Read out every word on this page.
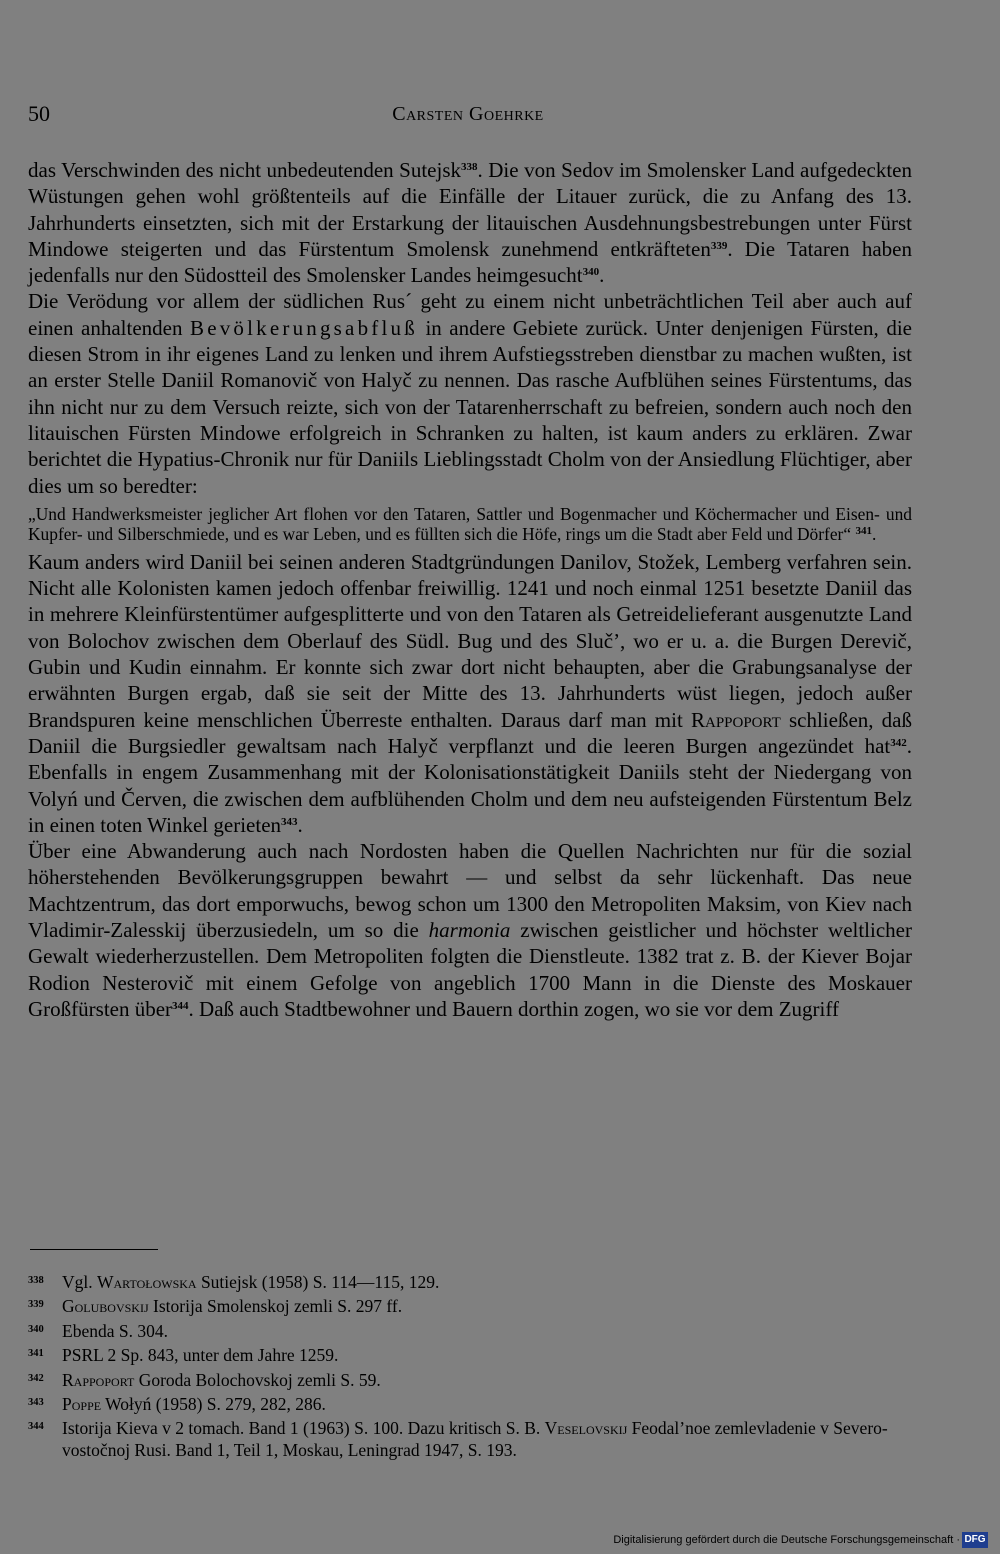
50	Carsten Goehrke

das Verschwinden des nicht unbedeutenden Sutejsk$^{338}$. Die von Sedov im Smolensker Land aufgedeckten Wüstungen gehen wohl größtenteils auf die Einfälle der Litauer zurück, die zu Anfang des 13. Jahrhunderts einsetzten, sich mit der Erstarkung der litauischen Ausdehnungsbestrebungen unter Fürst Mindowe steigerten und das Fürstentum Smolensk zunehmend entkräfteten$^{339}$. Die Tataren haben jedenfalls nur den Südostteil des Smolensker Landes heimgesucht$^{340}$.

Die Verödung vor allem der südlichen Rus´ geht zu einem nicht unbeträchtlichen Teil aber auch auf einen anhaltenden Bevölkerungsabfluß in andere Gebiete zurück. Unter denjenigen Fürsten, die diesen Strom in ihr eigenes Land zu lenken und ihrem Aufstiegsstreben dienstbar zu machen wußten, ist an erster Stelle Daniil Romanovič von Halyč zu nennen. Das rasche Aufblühen seines Fürstentums, das ihn nicht nur zu dem Versuch reizte, sich von der Tatarenherrschaft zu befreien, sondern auch noch den litauischen Fürsten Mindowe erfolgreich in Schranken zu halten, ist kaum anders zu erklären. Zwar berichtet die Hypatius-Chronik nur für Daniils Lieblingsstadt Cholm von der Ansiedlung Flüchtiger, aber dies um so beredter:

„Und Handwerksmeister jeglicher Art flohen vor den Tataren, Sattler und Bogenmacher und Köchermacher und Eisen- und Kupfer- und Silberschmiede, und es war Leben, und es füllten sich die Höfe, rings um die Stadt aber Feld und Dörfer“ $^{341}$.

Kaum anders wird Daniil bei seinen anderen Stadtgründungen Danilov, Stožek, Lemberg verfahren sein. Nicht alle Kolonisten kamen jedoch offenbar freiwillig. 1241 und noch einmal 1251 besetzte Daniil das in mehrere Kleinfürstentümer aufgesplitterte und von den Tataren als Getreidelieferant ausgenutzte Land von Bolochov zwischen dem Oberlauf des Südl. Bug und des Sluč’, wo er u. a. die Burgen Derevič, Gubin und Kudin einnahm. Er konnte sich zwar dort nicht behaupten, aber die Grabungsanalyse der erwähnten Burgen ergab, daß sie seit der Mitte des 13. Jahrhunderts wüst liegen, jedoch außer Brandspuren keine menschlichen Überreste enthalten. Daraus darf man mit Rappoport schließen, daß Daniil die Burgsiedler gewaltsam nach Halyč verpflanzt und die leeren Burgen angezündet hat$^{342}$. Ebenfalls in engem Zusammenhang mit der Kolonisationstätigkeit Daniils steht der Niedergang von Volyń und Červen, die zwischen dem aufblühenden Cholm und dem neu aufsteigenden Fürstentum Belz in einen toten Winkel gerieten$^{343}$.

Über eine Abwanderung auch nach Nordosten haben die Quellen Nachrichten nur für die sozial höherstehenden Bevölkerungsgruppen bewahrt — und selbst da sehr lückenhaft. Das neue Machtzentrum, das dort emporwuchs, bewog schon um 1300 den Metropoliten Maksim, von Kiev nach Vladimir-Zalesskij überzusiedeln, um so die harmonia zwischen geistlicher und höchster weltlicher Gewalt wiederherzustellen. Dem Metropoliten folgten die Dienstleute. 1382 trat z. B. der Kiever Bojar Rodion Nesterovič mit einem Gefolge von angeblich 1700 Mann in die Dienste des Moskauer Großfürsten über$^{344}$. Daß auch Stadtbewohner und Bauern dorthin zogen, wo sie vor dem Zugriff

338	Vgl. Wartołowska Sutiejsk (1958) S. 114—115, 129.
339	Golubovskij Istorija Smolenskoj zemli S. 297 ff.
340	Ebenda S. 304.
341	PSRL 2 Sp. 843, unter dem Jahre 1259.
342	Rappoport Goroda Bolochovskoj zemli S. 59.
343	Poppe Wołyń (1958) S. 279, 282, 286.
344	Istorija Kieva v 2 tomach. Band 1 (1963) S. 100. Dazu kritisch S. B. Veselovskij Feodal’noe zemlevladenie v Severo-vostočnoj Rusi. Band 1, Teil 1, Moskau, Leningrad 1947, S. 193.
Digitalisierung gefördert durch die Deutsche Forschungsgemeinschaft · DFG
